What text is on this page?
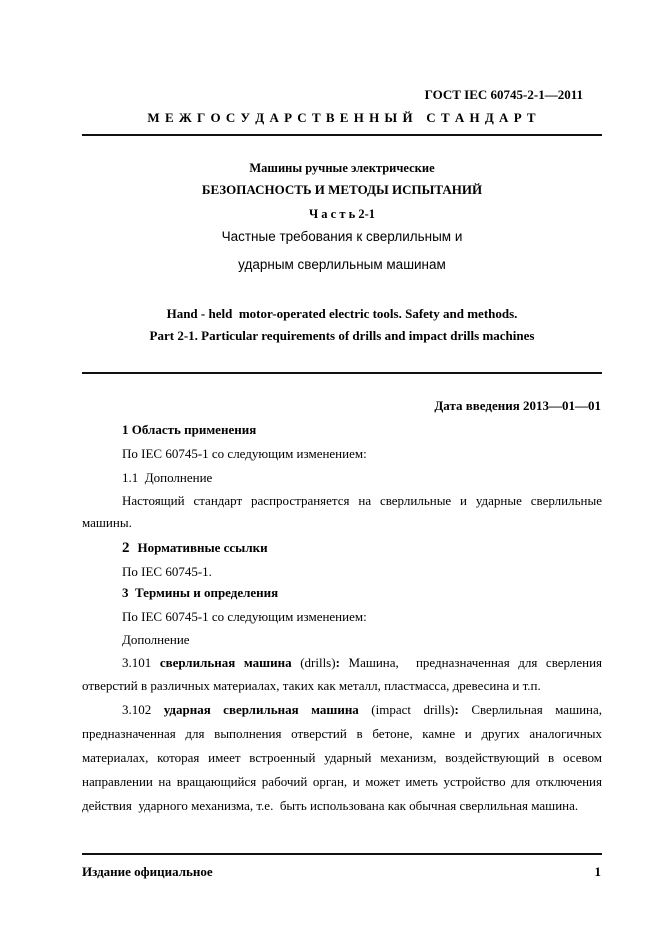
ГОСТ IEC 60745-2-1—2011
М Е Ж Г О С У Д А Р С Т В Е Н Н Ы Й   С Т А Н Д А Р Т
Машины ручные электрические
БЕЗОПАСНОСТЬ И МЕТОДЫ ИСПЫТАНИЙ
Ч а с т ь 2-1
Частные требования к сверлильным и
ударным сверлильным машинам
Hand - held  motor-operated electric tools. Safety and methods.
Part 2-1. Particular requirements of drills and impact drills machines
Дата введения 2013—01—01
1 Область применения
По IEC 60745-1 со следующим изменением:
1.1  Дополнение
Настоящий стандарт распространяется на сверлильные и ударные сверлильные
машины.
2 Нормативные ссылки
По IEC 60745-1.
3  Термины и определения
По IEC 60745-1 со следующим изменением:
Дополнение
3.101 сверлильная машина (drills): Машина,  предназначенная для сверления
отверстий в различных материалах, таких как металл, пластмасса, древесина и т.п.
3.102 ударная сверлильная машина (impact drills): Сверлильная машина,
предназначенная для выполнения отверстий в бетоне, камне и других аналогичных
материалах, которая имеет встроенный ударный механизм, воздействующий в осевом
направлении на вращающийся рабочий орган, и может иметь устройство для отключения
действия  ударного механизма, т.е.  быть использована как обычная сверлильная машина.
Издание официальное	1
